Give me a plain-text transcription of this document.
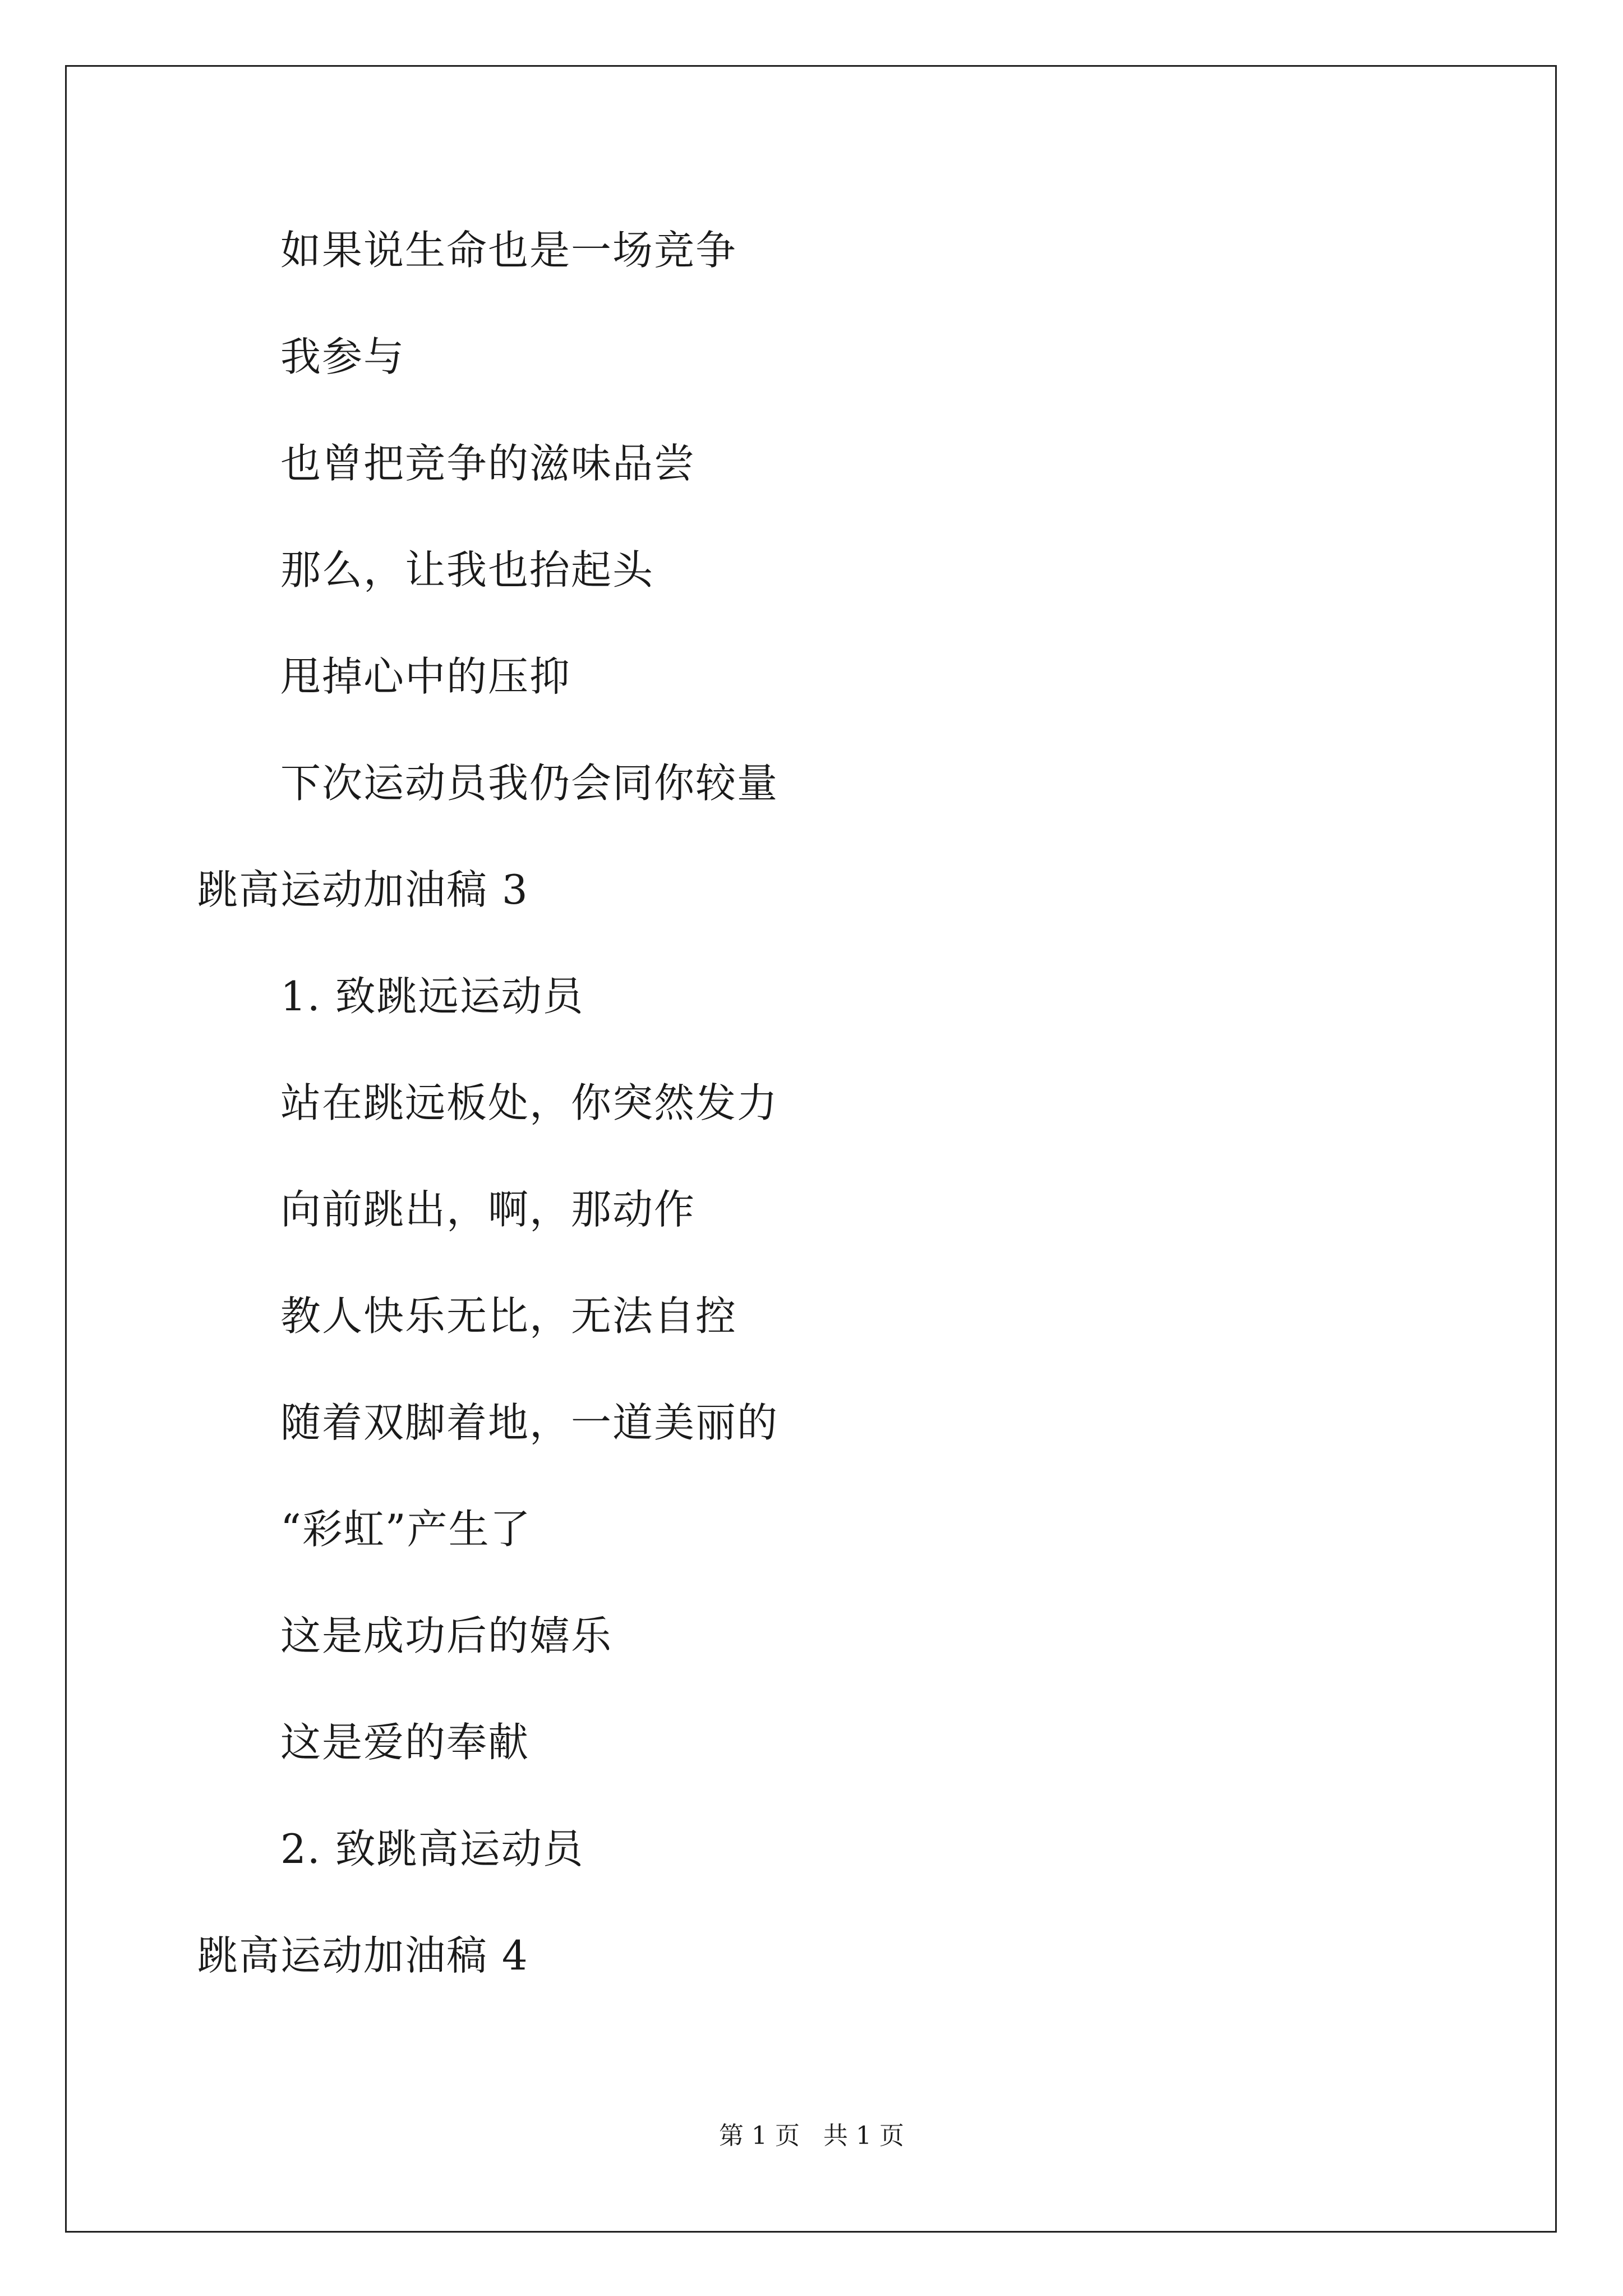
如果说生命也是一场竞争
我参与
也曾把竞争的滋味品尝
那么，让我也抬起头
甩掉心中的压抑
下次运动员我仍会同你较量
跳高运动加油稿 3
1. 致跳远运动员
站在跳远板处，你突然发力
向前跳出，啊，那动作
教人快乐无比，无法自控
随着双脚着地，一道美丽的
“彩虹”产生了
这是成功后的嬉乐
这是爱的奉献
2. 致跳高运动员
跳高运动加油稿 4
第 1 页   共 1 页
